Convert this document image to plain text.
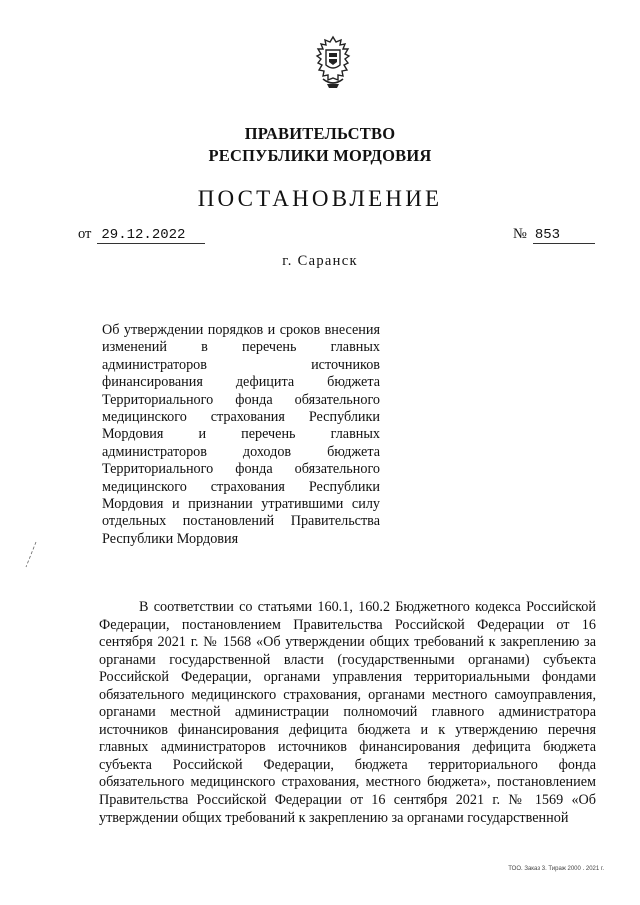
ПРАВИТЕЛЬСТВО
РЕСПУБЛИКИ МОРДОВИЯ
ПОСТАНОВЛЕНИЕ
от 29.12.2022	№ 853
г. Саранск
Об утверждении порядков и сроков внесения изменений в перечень главных администраторов источников финансирования дефицита бюджета Территориального фонда обязательного медицинского страхования Республики Мордовия и перечень главных администраторов доходов бюджета Территориального фонда обязательного медицинского страхования Республики Мордовия и признании утратившими силу отдельных постановлений Правительства Республики Мордовия
В соответствии со статьями 160.1, 160.2 Бюджетного кодекса Российской Федерации, постановлением Правительства Российской Федерации от 16 сентября 2021 г. № 1568 «Об утверждении общих требований к закреплению за органами государственной власти (государственными органами) субъекта Российской Федерации, органами управления территориальными фондами обязательного медицинского страхования, органами местного самоуправления, органами местной администрации полномочий главного администратора источников финансирования дефицита бюджета и к утверждению перечня главных администраторов источников финансирования дефицита бюджета субъекта Российской Федерации, бюджета территориального фонда обязательного медицинского страхования, местного бюджета», постановлением Правительства Российской Федерации от 16 сентября 2021 г. № 1569 «Об утверждении общих требований к закреплению за органами государственной
ТОО. Заказ 3. Тираж 2000 . 2021 г.
